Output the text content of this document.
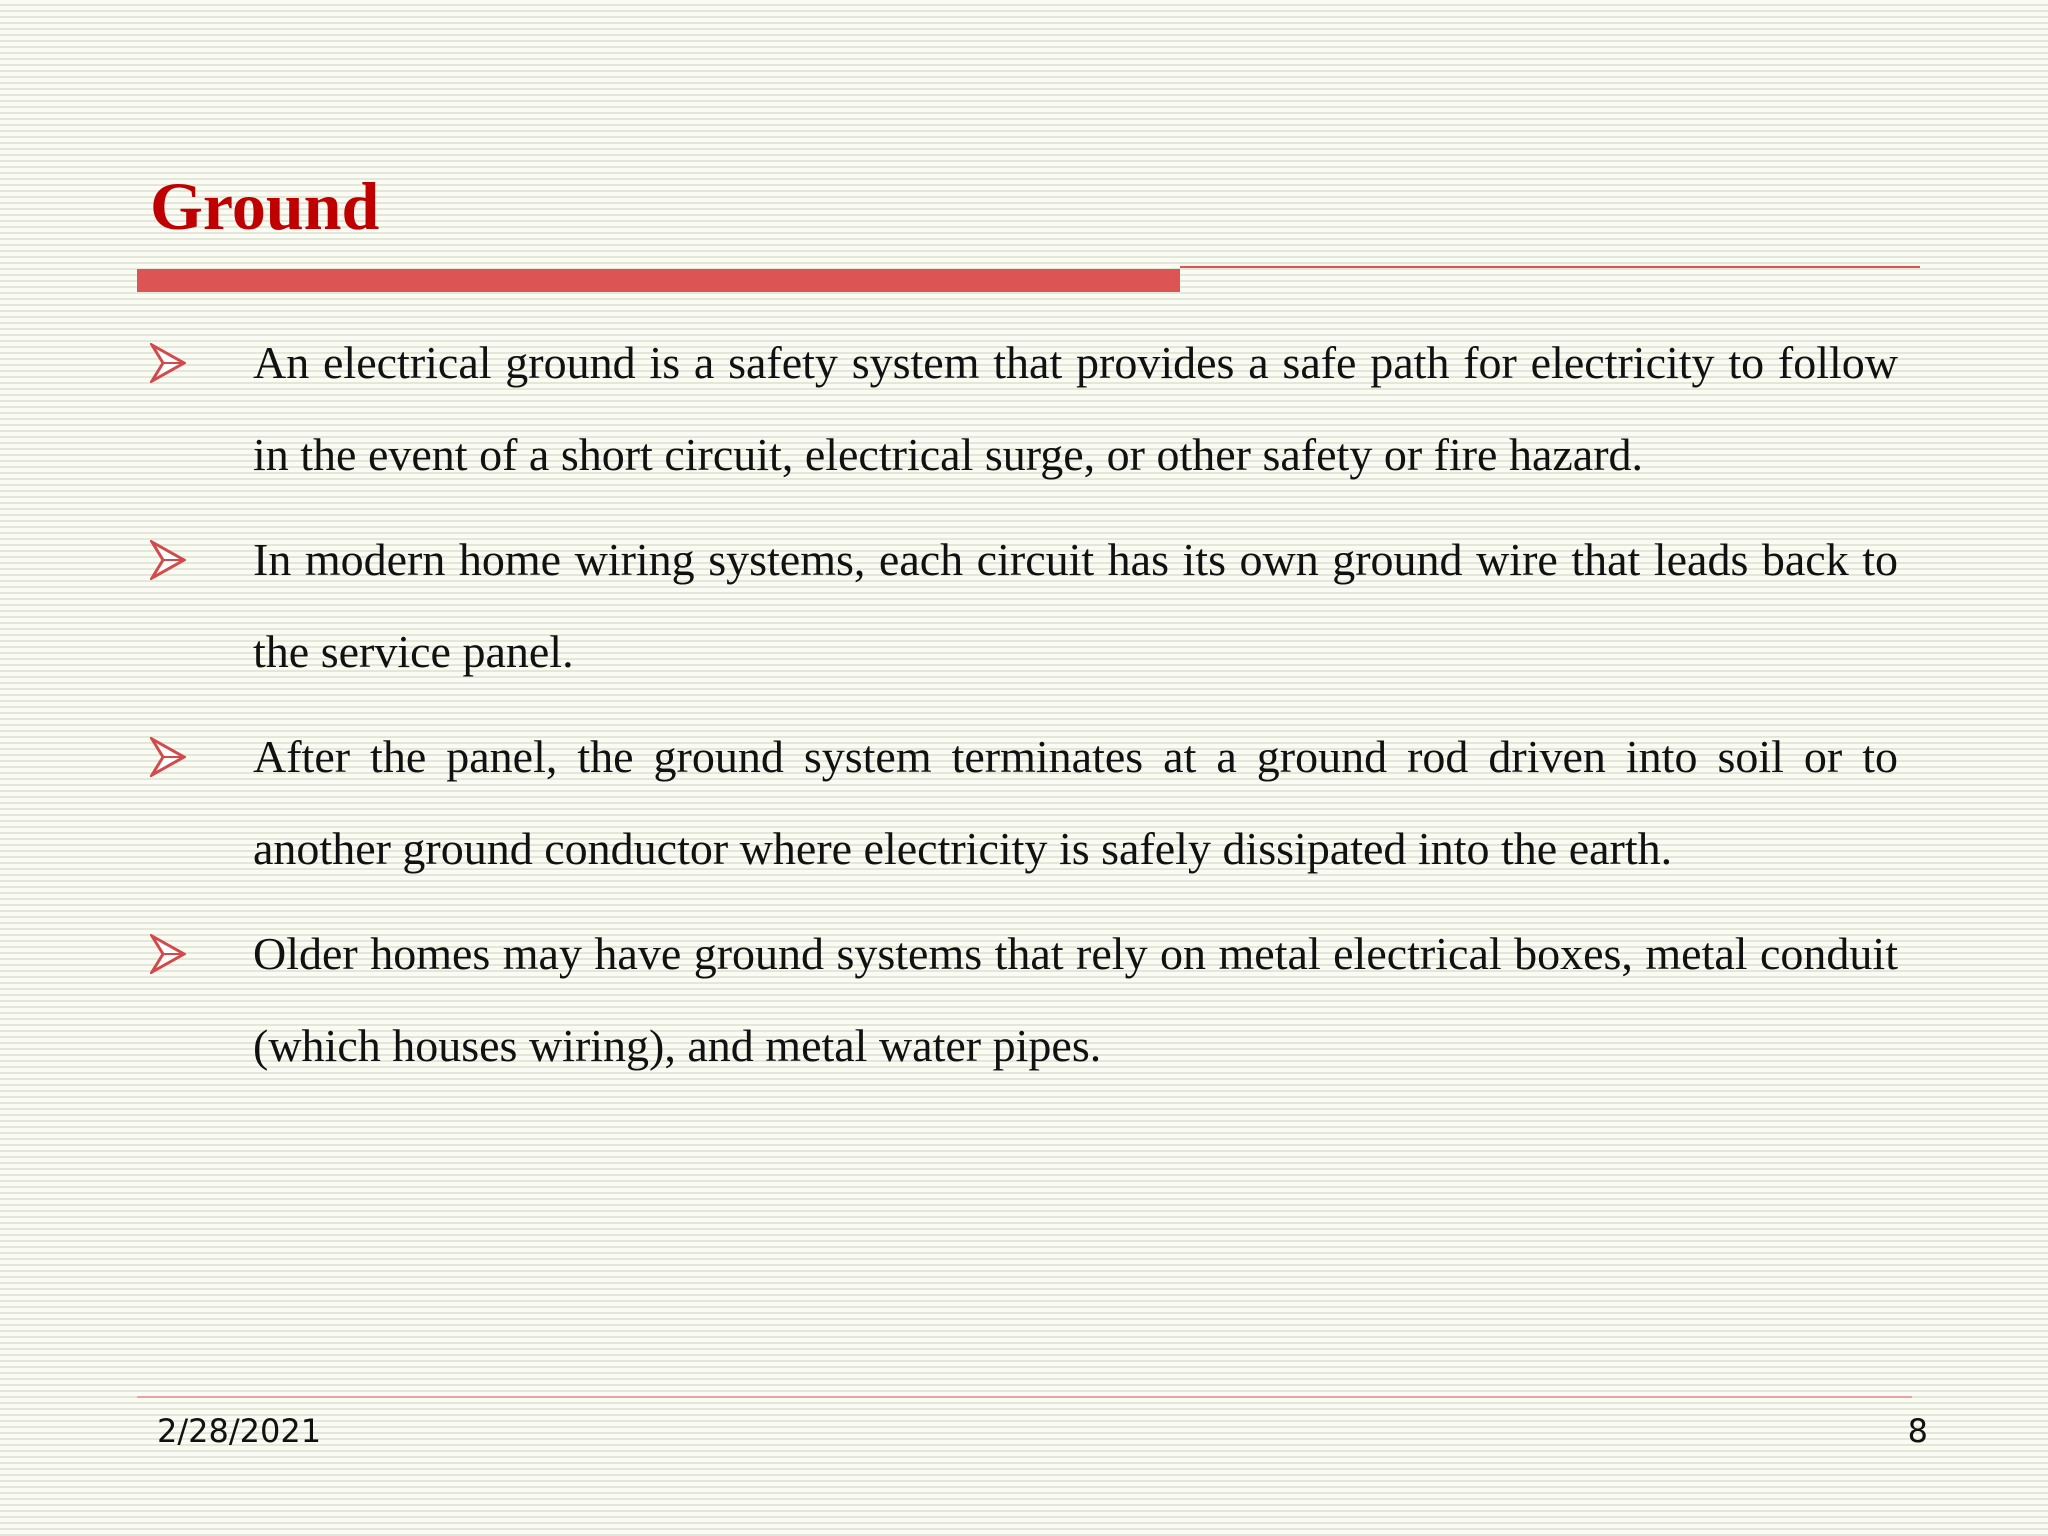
Ground
An electrical ground is a safety system that provides a safe path for electricity to follow in the event of a short circuit, electrical surge, or other safety or fire hazard.
In modern home wiring systems, each circuit has its own ground wire that leads back to the service panel.
After the panel, the ground system terminates at a ground rod driven into soil or to another ground conductor where electricity is safely dissipated into the earth.
Older homes may have ground systems that rely on metal electrical boxes, metal conduit (which houses wiring), and metal water pipes.
2/28/2021	8
